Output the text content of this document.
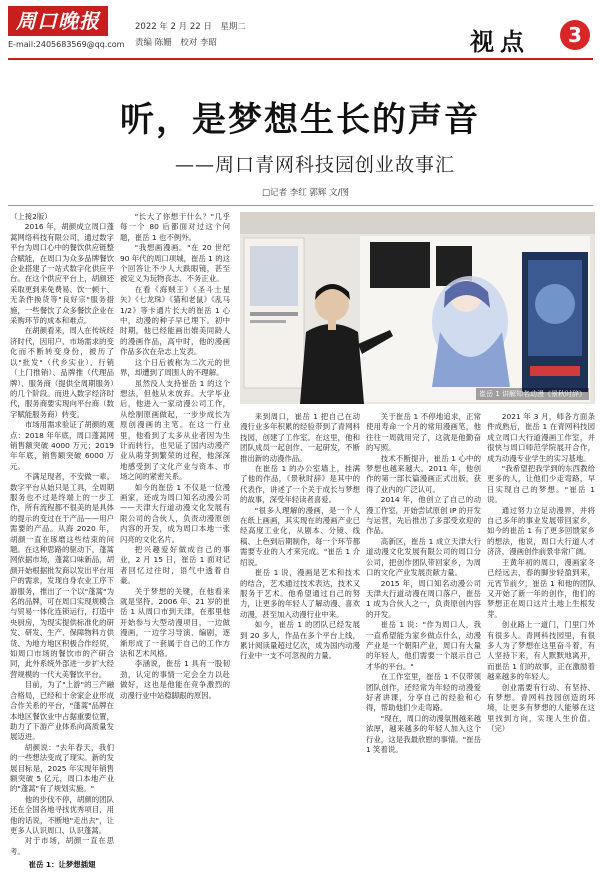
周口晚报
E-mail:2405683569@qq.com
2022 年 2 月 22 日　星期二
责编 陈姗　校对 李昭	视点	3
听，是梦想生长的声音
——周口青网科技园创业故事汇
□记者 李红 郭辉 文/图

（上接2版）

2016 年，胡颜成立周口蓬蒿网络科技有限公司，通过数字平台为周口心中的餐饮供应链整合赋能，在周口为众多品牌餐饮企业搭建了一站式数字化供应平台。在这个供应平台上，胡颜还采取更到来免费易、饮一顿十、无条件换货等"良好宗"服务措施，一些餐饮了众多餐饮企业在采购环节的成本和难点。

在胡颜看来，周人在传统经济时代，因用户、市场需求的变化而不断转变身份，被历了以"批发"（代乡实业）、行销（上门推销）、品牌推（代理品牌）、服务商（提供全周期服务）的几个阶段。而进入数字经济时代，服务商要实现向平台商（数字赋能服务商）转变。

市场用需求验证了胡颜的观点：2018 年年底，周口蓬蒿网销售额突破 4000 万元；2019 年年底，销售额突破 6000 万元。

不满足现者，不安做一辈。数字平台从始只是工具，全周期服务也不过是终端上的一步工作，所有流程都不很美的是具体的提示的变过在于产品——用户需要的产品。从海 2020 年，胡颜一直在琢磨这些结束的问题。在这种思路的驱动下，蓬蒿网依据市场，蓬蒿口味新品，胡颜开始根据批发商以发出平台用户的需求，发现自身农业工序下游服务，推出了一个以"蓬蒿"为名的品牌，可在周口实现规模合与贸易一体化连锁运行，打造中央厨房，为现实提供标准化的研发、研发、生产、保障物料方供货、为地方地区积极合作经贸，如周口市场的餐饮市的产研合同，此外系统外部进一步扩大经营规模的一代大美餐饮平台。

目前，为了"上游"的三产融合格局，已经和十余家企业形成合作关系的平台，"蓬蒿"品牌在本地区餐饮业中占据重要位置，助力了下游产业体系向高质量发展迈进。

胡颜说："去年春天，我们的一些想法变成了现实。新的发展目标是，2025 年实现年销售额突破 5 亿元，周口本地产业的"蓬蒿"有了规划实施。"

他的步伐不停，胡颜的团队还在全国各地寻找优秀项目，用他的话说，不断地"走出去"，让更多人认识周口、认识蓬蒿。

对于市场，胡颜一直在思考。

崔岳 1：让梦想插翅

"长大了你想干什么？"几乎每一个 80 后都面对过这个问题，崔岳 1 也不例外。

"我想画漫画。"在 20 世纪 90 年代的周口项城，崔岳 1 的这个回答让不少人大跌眼镜，甚至被定义为玩物丧志、不务正业。

在看《海贼王》《圣斗士星矢》《七龙珠》《猫和老鼠》《乱马 1/2》等卡通片长大的崔岳 1 心中，动漫的种子早已埋下。初中时期，他已经能画出媲美同龄人的漫画作品，高中时，他的漫画作品多次在杂志上发表。

这个日后被称为二次元的世界，却遭到了周围人的不理解。

虽然没人支持崔岳 1 的这个想法，但他从未放弃。大学毕业后，他进入一家动漫公司工作，从绘制原画做起，一步步成长为原创漫画的主笔。在这一行业里，他看到了太多从业者因为生计而转行，也见证了国内动漫产业从萌芽到繁荣的过程，他深深地感受到了文化产业与资本、市场之间的紧密关系。

如今的崔岳 1 不仅是一位漫画家，还成为周口知名动漫公司——天津大行道动漫文化发展有限公司的合伙人，负责动漫原创内容的开发，成为周口本地一张闪亮的文化名片。

把兴趣爱好做成自己的事业，2 月 15 日，崔岳 1 面对记者回忆过往时，语气中透着自豪。

关于梦想的关键，在他看来就是坚持。2006 年、21 岁的崔岳 1 从周口市到天津，在那里他开始参与大型动漫项目，一边做漫画，一边学习导演、编剧，逐渐形成了一套属于自己的工作方法和艺术风格。

李涵说，崔岳 1 具有一股韧劲，认定的事情一定会全力以赴做好，这也是他能在竞争激烈的动漫行业中站稳脚跟的原因。

崔岳 1 讲解知名动漫《景秋时辞》

来到周口，崔岳 1 把自己在动漫行业多年积累的经验带到了青网科技园，创建了工作室。在这里，他和团队成员一起创作、一起研发，不断推出新的动漫作品。

在崔岳 1 的办公室墙上，挂满了他的作品，《景秋时辞》是其中的代表作，讲述了一个关于成长与梦想的故事，深受年轻读者喜爱。

"很多人理解的漫画，是一个人在纸上画画，其实现在的漫画产业已经高度工业化，从剧本、分镜、线稿、上色到后期制作，每一个环节都需要专业的人才来完成。"崔岳 1 介绍说。

崔岳 1 说，漫画是艺术和技术的结合，艺术通过技术表达，技术又服务于艺术。他希望通过自己的努力，让更多的年轻人了解动漫、喜欢动漫，甚至加入动漫行业中来。

如今，崔岳 1 的团队已经发展到 20 多人，作品在多个平台上线，累计阅读量超过亿次，成为国内动漫行业中一支不可忽视的力量。

关于崔岳 1 不停地追求，正常使用寿命一个月的常用漫画笔，他往往一周就用完了，这就是他勤奋的写照。

技术不断提升，崔岳 1 心中的梦想也越来越大。2011 年，他创作的第一部长篇漫画正式出版，获得了业内的广泛认可。

2014 年，他创立了自己的动漫工作室，开始尝试原创 IP 的开发与运营，先后推出了多部受欢迎的作品。

高新区，崔岳 1 成立天津大行道动漫文化发展有限公司的周口分公司，把创作团队带回家乡，为周口的文化产业发展贡献力量。

2015 年，周口知名动漫公司天津大行道动漫在周口落户，崔岳 1 成为合伙人之一，负责原创内容的开发。

崔岳 1 说："作为周口人，我一直希望能为家乡做点什么，动漫产业是一个朝阳产业，周口有大量的年轻人，他们需要一个展示自己才华的平台。"

在工作室里，崔岳 1 不仅带领团队创作，还经常为年轻的动漫爱好者讲课，分享自己的经验和心得，帮助他们少走弯路。

"现在，周口的动漫氛围越来越浓厚，越来越多的年轻人加入这个行业，这是我最欣慰的事情。"崔岳 1 笑着说。

2021 年 3 月，师各方面条件成熟后，崔岳 1 在青网科技园成立周口大行道漫画工作室，并很快与周口师范学院展开合作，成为动漫专业学生的实习基地。

"我希望把我学到的东西教给更多的人，让他们少走弯路，早日实现自己的梦想。"崔岳 1 说。

通过努力立足动漫界，并将自己多年的事业发展带回家乡，如今的崔岳 1 有了更多回馈家乡的想法，他说，周口大行道人才济济，漫画创作前景非常广阔。

王黄年初的周口，漫画家冬已经远去，春的脚步轻盈到来，元宵节前夕，崔岳 1 和他的团队又开始了新一年的创作，他们的梦想正在周口这片土地上生根发芽。

创业路上一道门，门里门外有很多人。青网科技园里，有很多人为了梦想在这里奋斗着，有人坚持下来，有人默默地离开，而崔岳 1 们的故事，正在激励着越来越多的年轻人。

创业需要有行动、有坚持、有梦想。青网科技园创造的环境，让更多有梦想的人能够在这里找到方向，实现人生价值。（完）
